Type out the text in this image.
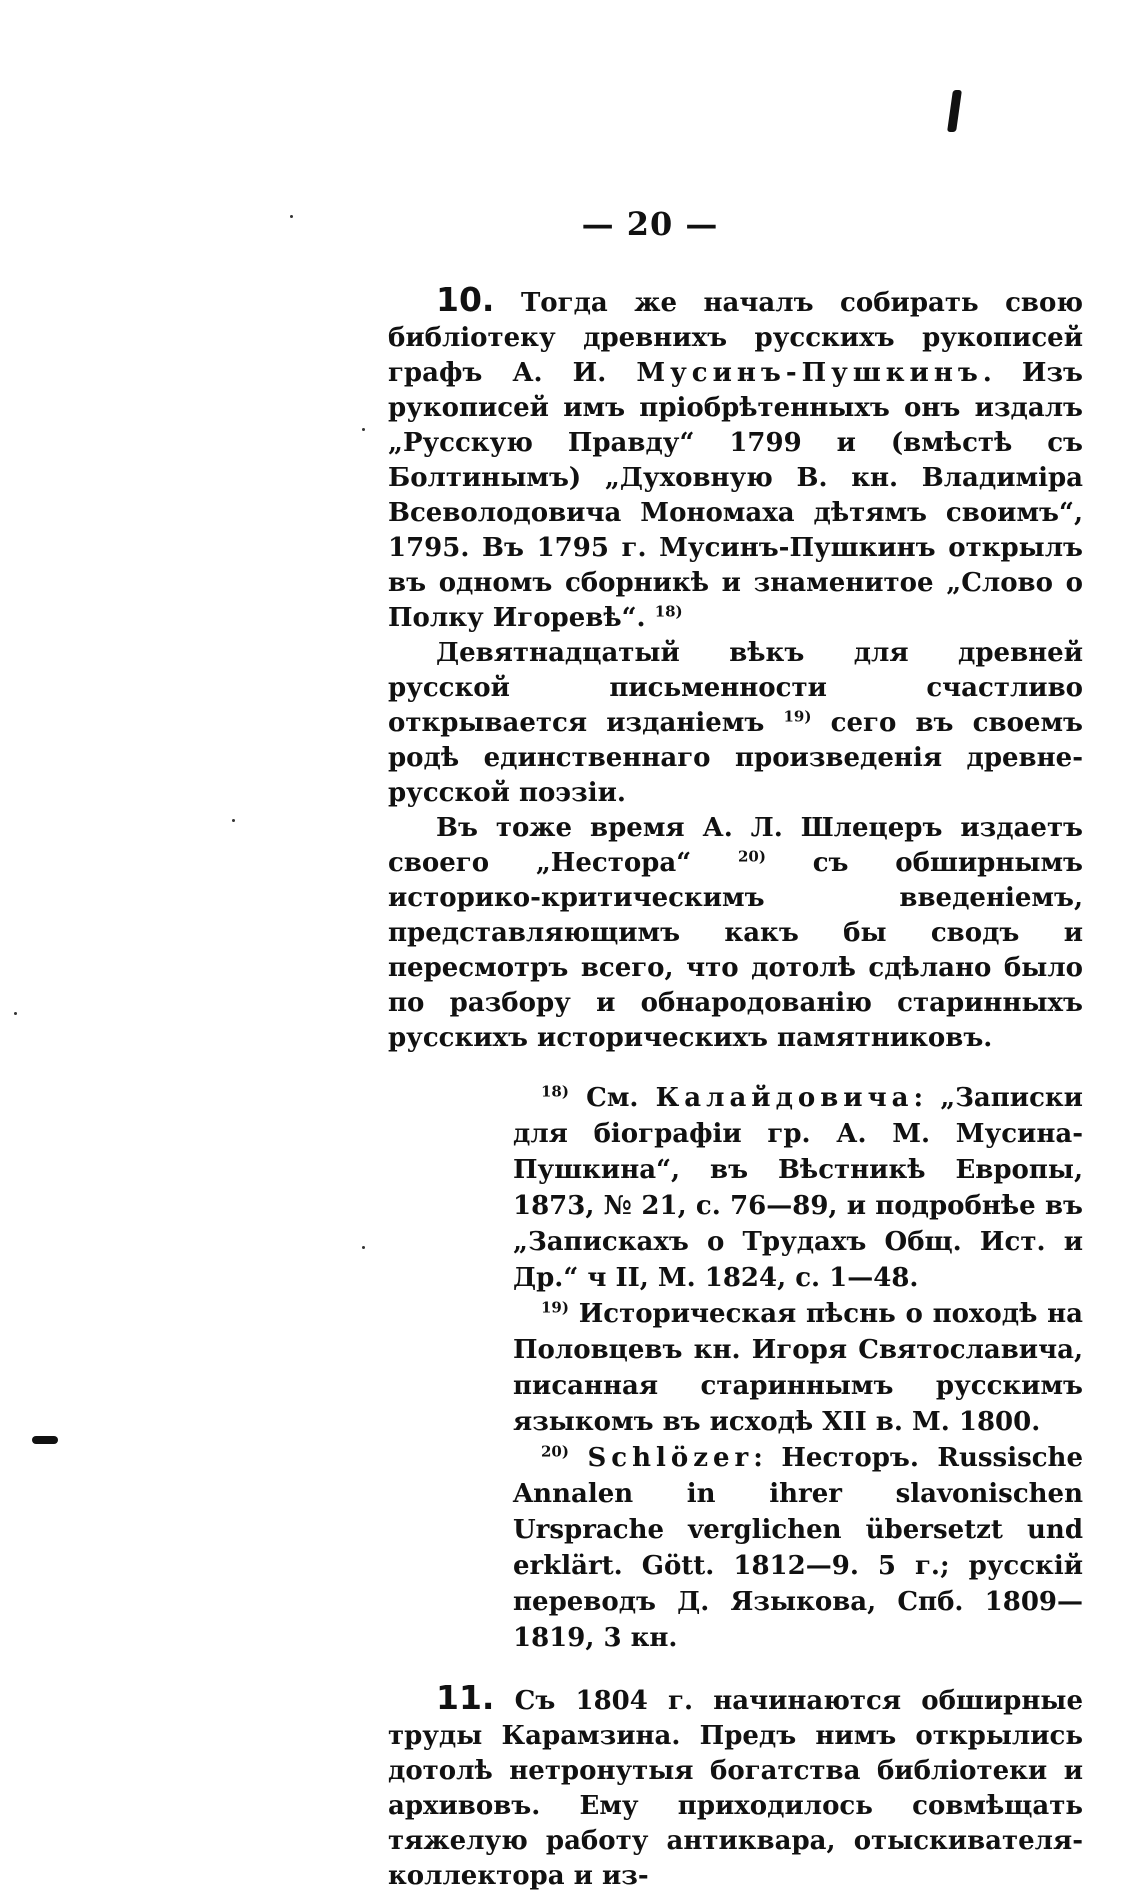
— 20 —

10. Тогда же началъ собирать свою библіотеку древнихъ русскихъ рукописей графъ А. И. Мусинъ-Пушкинъ. Изъ рукописей имъ пріобрѣтенныхъ онъ издалъ „Русскую Правду“ 1799 и (вмѣстѣ съ Болтинымъ) „Духовную В. кн. Владиміра Всеволодовича Мономаха дѣтямъ своимъ“, 1795. Въ 1795 г. Мусинъ-Пушкинъ открылъ въ одномъ сборникѣ и знаменитое „Слово о Полку Игоревѣ“. $^{18)}$

Девятнадцатый вѣкъ для древней русской письменности счастливо открывается изданіемъ $^{19)}$ сего въ своемъ родѣ единственнаго произведенія древне-русской поэзіи.

Въ тоже время А. Л. Шлецеръ издаетъ своего „Нестора“	$^{20)}$ съ обширнымъ историко-критическимъ введеніемъ, представляющимъ какъ бы сводъ и пересмотръ всего, что дотолѣ сдѣлано было по разбору и обнародованію старинныхъ русскихъ историческихъ памятниковъ.

$^{18)}$ См. Калайдовича: „Записки для біографіи гр. А. М. Мусина-Пушкина“, въ Вѣстникѣ Европы, 1873, № 21, с. 76—89, и подробнѣе въ „Запискахъ о Трудахъ Общ. Ист. и Др.“ ч II, М. 1824, с. 1—48.

$^{19)}$ Историческая пѣснь о походѣ на Половцевъ кн. Игоря Святославича, писанная стариннымъ русскимъ языкомъ въ исходѣ XII в. М. 1800.

$^{20)}$ Schlözer: Несторъ. Russische Annalen in ihrer slavonischen Ursprache verglichen übersetzt und erklärt. Gött. 1812—9. 5 г.; русскій переводъ Д. Языкова, Спб. 1809—1819, 3 кн.

11. Съ 1804 г. начинаются обширные труды Карамзина. Предъ нимъ открылись дотолѣ нетронутыя богатства библіотеки и архивовъ. Ему приходилось совмѣщать тяжелую работу антиквара, отыскивателя-коллектора и из-
